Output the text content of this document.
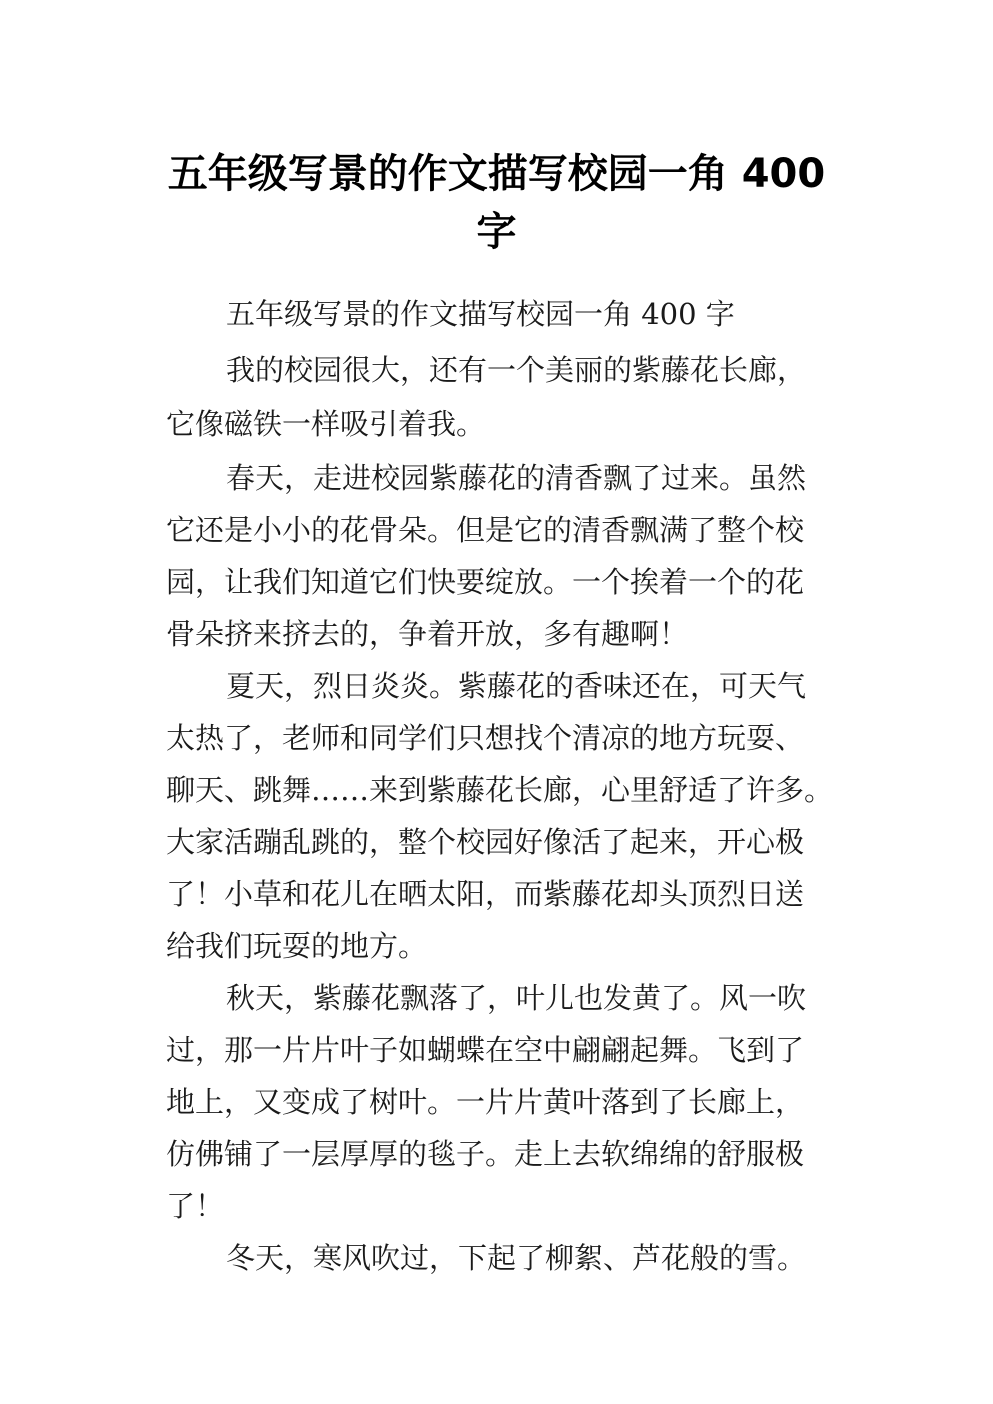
五年级写景的作文描写校园一角 400
字
五年级写景的作文描写校园一角 400 字
我的校园很大，还有一个美丽的紫藤花长廊，
它像磁铁一样吸引着我。
春天，走进校园紫藤花的清香飘了过来。虽然
它还是小小的花骨朵。但是它的清香飘满了整个校
园，让我们知道它们快要绽放。一个挨着一个的花
骨朵挤来挤去的，争着开放，多有趣啊！
夏天，烈日炎炎。紫藤花的香味还在，可天气
太热了，老师和同学们只想找个清凉的地方玩耍、
聊天、跳舞……来到紫藤花长廊，心里舒适了许多。
大家活蹦乱跳的，整个校园好像活了起来，开心极
了！小草和花儿在晒太阳，而紫藤花却头顶烈日送
给我们玩耍的地方。
秋天，紫藤花飘落了，叶儿也发黄了。风一吹
过，那一片片叶子如蝴蝶在空中翩翩起舞。飞到了
地上，又变成了树叶。一片片黄叶落到了长廊上，
仿佛铺了一层厚厚的毯子。走上去软绵绵的舒服极
了！
冬天，寒风吹过，下起了柳絮、芦花般的雪。
